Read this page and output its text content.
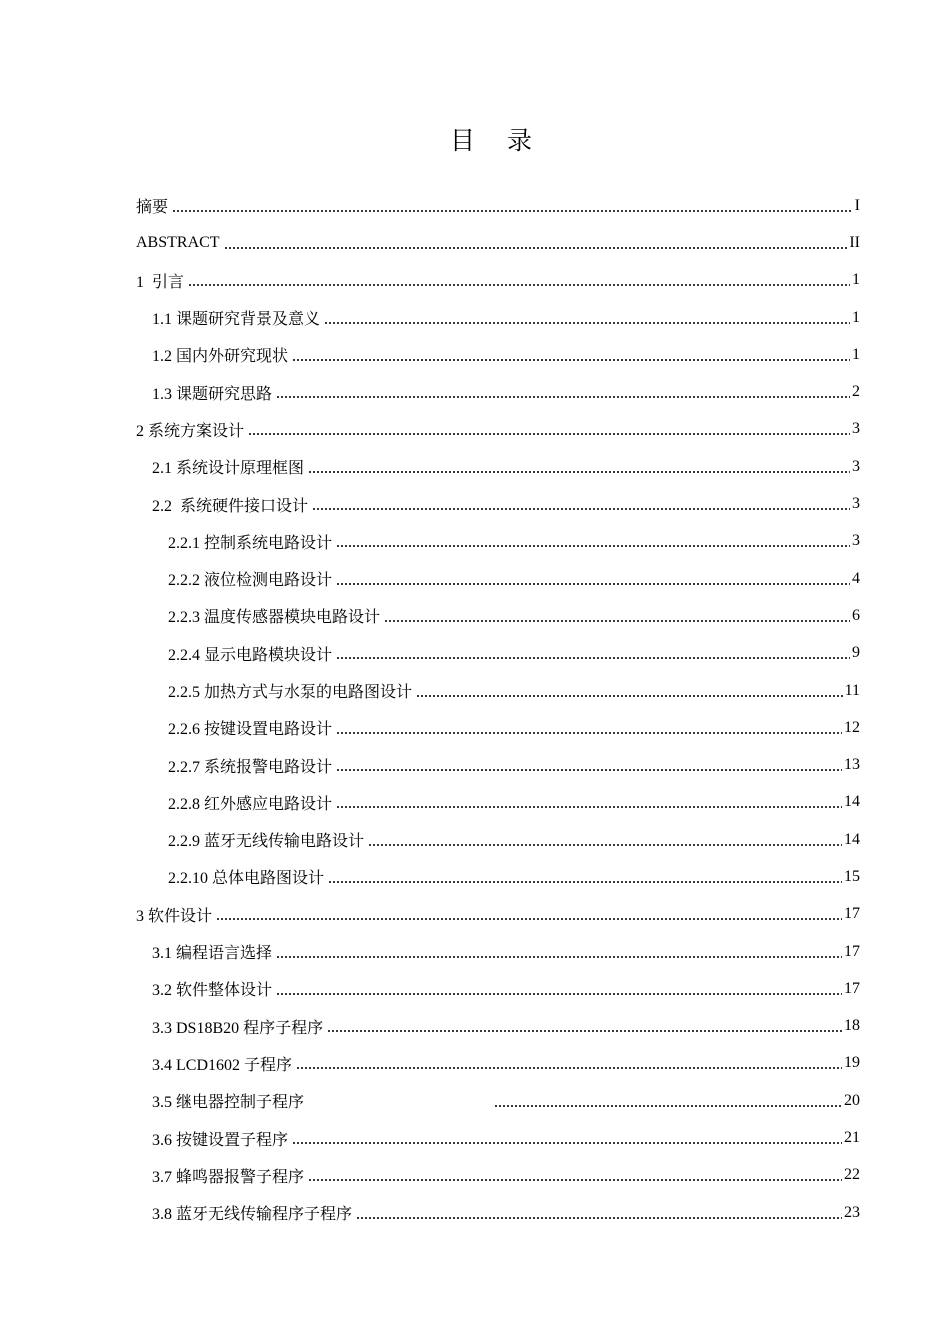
目 录
摘要	I
ABSTRACT	II
1  引言	1
1.1 课题研究背景及意义	1
1.2 国内外研究现状	1
1.3 课题研究思路	2
2 系统方案设计	3
2.1 系统设计原理框图	3
2.2  系统硬件接口设计	3
2.2.1 控制系统电路设计	3
2.2.2 液位检测电路设计	4
2.2.3 温度传感器模块电路设计	6
2.2.4 显示电路模块设计	9
2.2.5 加热方式与水泵的电路图设计	11
2.2.6 按键设置电路设计	12
2.2.7 系统报警电路设计	13
2.2.8 红外感应电路设计	14
2.2.9 蓝牙无线传输电路设计	14
2.2.10 总体电路图设计	15
3 软件设计	17
3.1 编程语言选择	17
3.2 软件整体设计	17
3.3 DS18B20 程序子程序	18
3.4 LCD1602 子程序	19
3.5 继电器控制子程序	20
3.6 按键设置子程序	21
3.7 蜂鸣器报警子程序	22
3.8 蓝牙无线传输程序子程序	23
